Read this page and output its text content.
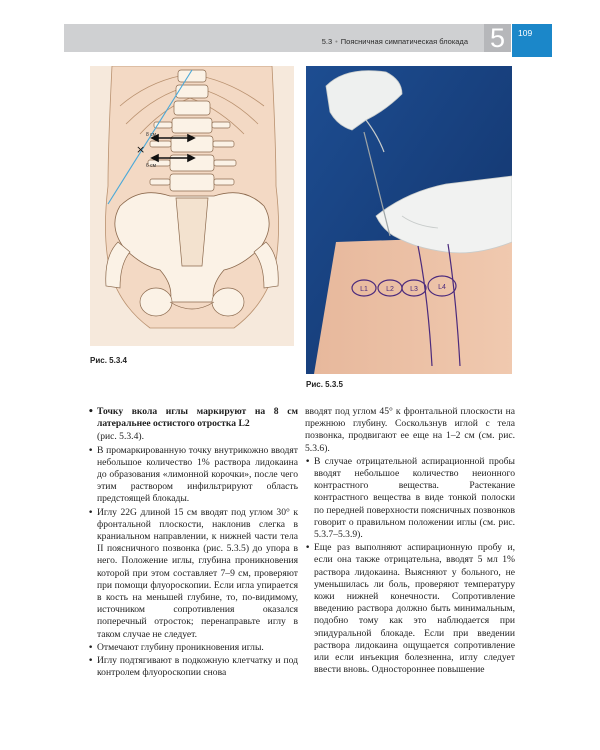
5.3 • Поясничная симпатическая блокада 5	109
×
8 см
6 см
Рис. 5.3.4
L1	L2 L3	L4
Рис. 5.3.5

• Точку вкола иглы маркируют на 8 см латеральнее остистого отростка L2

(рис. 5.3.4).

• В промаркированную точку внутрикожно вводят небольшое количество 1% раствора лидокаина до образования «лимонной корочки», после чего этим раствором инфильтрируют область предстоящей блокады.

• Иглу 22G длиной 15 см вводят под углом 30° к фронтальной плоскости, наклонив слегка в краниальном направлении, к нижней части тела II поясничного позвонка (рис. 5.3.5) до упора в него. Положение иглы, глубина проникновения которой при этом составляет 7–9 см, проверяют при помощи флуороскопии. Если игла упирается в кость на меньшей глубине, то, по-видимому, источником сопротивления оказался поперечный отросток; перенаправьте иглу в таком случае не следует.

• Отмечают глубину проникновения иглы.

• Иглу подтягивают в подкожную клетчатку и под контролем флуороскопии снова

вводят под углом 45° к фронтальной плоскости на прежнюю глубину. Соскользнув иглой с тела позвонка, продвигают ее еще на 1–2 см (см. рис. 5.3.6).

• В случае отрицательной аспирационной пробы вводят небольшое количество неионного контрастного вещества. Растекание контрастного вещества в виде тонкой полоски по передней поверхности поясничных позвонков говорит о правильном положении иглы (см. рис. 5.3.7–5.3.9).

• Еще раз выполняют аспирационную пробу и, если она также отрицательна, вводят 5 мл 1% раствора лидокаина. Выясняют у больного, не уменьшилась ли боль, проверяют температуру кожи нижней конечности. Сопротивление введению раствора должно быть минимальным, подобно тому как это наблюдается при эпидуральной блокаде. Если при введении раствора лидокаина ощущается сопротивление или если инъекция болезненна, иглу следует ввести вновь. Одностороннее повышение
